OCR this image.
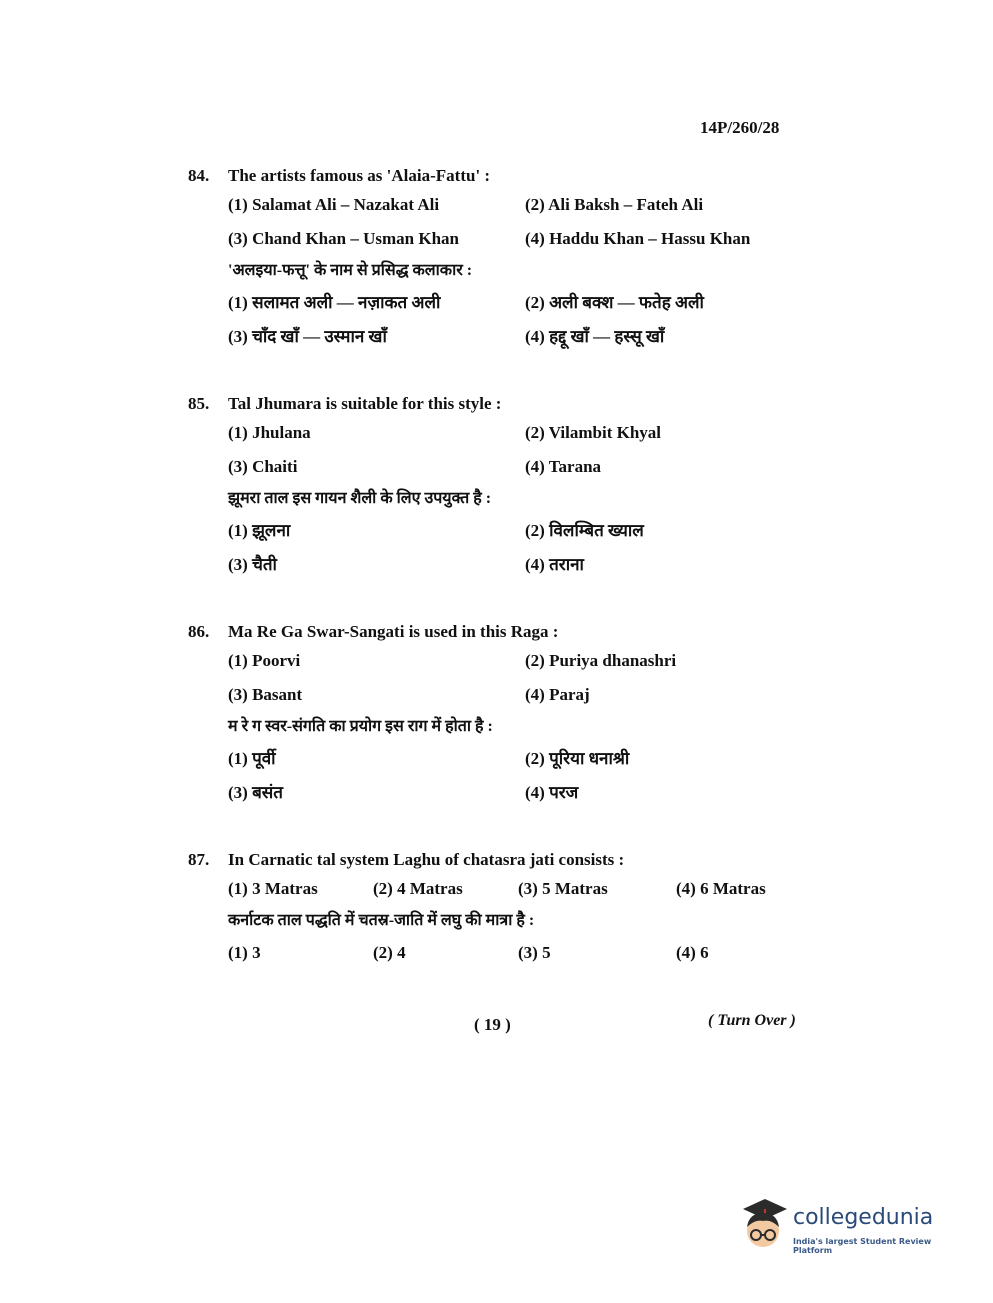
14P/260/28
84. The artists famous as 'Alaia-Fattu' :
(1) Salamat Ali – Nazakat Ali	(2) Ali Baksh – Fateh Ali
(3) Chand Khan – Usman Khan	(4) Haddu Khan – Hassu Khan
'अलइया-फत्तू' के नाम से प्रसिद्ध कलाकार :
(1) सलामत अली — नज़ाकत अली	(2) अली बक्श — फतेह अली
(3) चाँद खाँ — उस्मान खाँ	(4) हद्दू खाँ — हस्सू खाँ
85. Tal Jhumara is suitable for this style :
(1) Jhulana	(2) Vilambit Khyal
(3) Chaiti	(4) Tarana
झूमरा ताल इस गायन शैली के लिए उपयुक्त है :
(1) झूलना	(2) विलम्बित ख्याल
(3) चैती	(4) तराना
86. Ma Re Ga Swar-Sangati is used in this Raga :
(1) Poorvi	(2) Puriya dhanashri
(3) Basant	(4) Paraj
म रे ग स्वर-संगति का प्रयोग इस राग में होता है :
(1) पूर्वी	(2) पूरिया धनाश्री
(3) बसंत	(4) परज
87. In Carnatic tal system Laghu of chatasra jati consists :
(1) 3 Matras	(2) 4 Matras	(3) 5 Matras	(4) 6 Matras
कर्नाटक ताल पद्धति में चतस्र-जाति में लघु की मात्रा है :
(1) 3	(2) 4	(3) 5	(4) 6
( 19 )	( Turn Over )
collegedunia
India's largest Student Review Platform
